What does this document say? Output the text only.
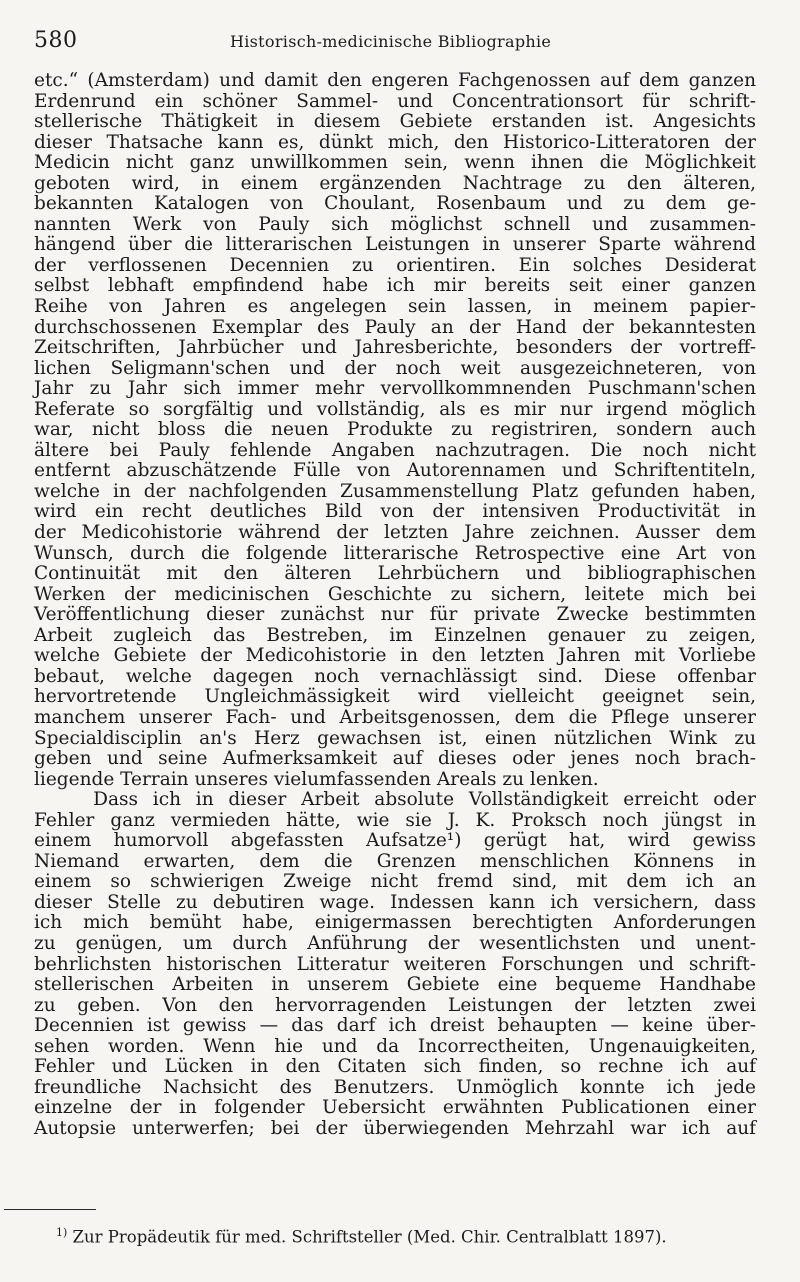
580	Historisch-medicinische Bibliographie
etc.“ (Amsterdam) und damit den engeren Fachgenossen auf dem ganzen
Erdenrund ein schöner Sammel- und Concentrationsort für schrift-
stellerische Thätigkeit in diesem Gebiete erstanden ist. Angesichts
dieser Thatsache kann es, dünkt mich, den Historico-Litteratoren der
Medicin nicht ganz unwillkommen sein, wenn ihnen die Möglichkeit
geboten wird, in einem ergänzenden Nachtrage zu den älteren,
bekannten Katalogen von Choulant, Rosenbaum und zu dem ge-
nannten Werk von Pauly sich möglichst schnell und zusammen-
hängend über die litterarischen Leistungen in unserer Sparte während
der verflossenen Decennien zu orientiren. Ein solches Desiderat
selbst lebhaft empfindend habe ich mir bereits seit einer ganzen
Reihe von Jahren es angelegen sein lassen, in meinem papier-
durchschossenen Exemplar des Pauly an der Hand der bekanntesten
Zeitschriften, Jahrbücher und Jahresberichte, besonders der vortreff-
lichen Seligmann'schen und der noch weit ausgezeichneteren, von
Jahr zu Jahr sich immer mehr vervollkommnenden Puschmann'schen
Referate so sorgfältig und vollständig, als es mir nur irgend möglich
war, nicht bloss die neuen Produkte zu registriren, sondern auch
ältere bei Pauly fehlende Angaben nachzutragen. Die noch nicht
entfernt abzuschätzende Fülle von Autorennamen und Schriftentiteln,
welche in der nachfolgenden Zusammenstellung Platz gefunden haben,
wird ein recht deutliches Bild von der intensiven Productivität in
der Medicohistorie während der letzten Jahre zeichnen. Ausser dem
Wunsch, durch die folgende litterarische Retrospective eine Art von
Continuität mit den älteren Lehrbüchern und bibliographischen
Werken der medicinischen Geschichte zu sichern, leitete mich bei
Veröffentlichung dieser zunächst nur für private Zwecke bestimmten
Arbeit zugleich das Bestreben, im Einzelnen genauer zu zeigen,
welche Gebiete der Medicohistorie in den letzten Jahren mit Vorliebe
bebaut, welche dagegen noch vernachlässigt sind. Diese offenbar
hervortretende Ungleichmässigkeit wird vielleicht geeignet sein,
manchem unserer Fach- und Arbeitsgenossen, dem die Pflege unserer
Specialdisciplin an's Herz gewachsen ist, einen nützlichen Wink zu
geben und seine Aufmerksamkeit auf dieses oder jenes noch brach-
liegende Terrain unseres vielumfassenden Areals zu lenken.
Dass ich in dieser Arbeit absolute Vollständigkeit erreicht oder
Fehler ganz vermieden hätte, wie sie J. K. Proksch noch jüngst in
einem humorvoll abgefassten Aufsatze¹) gerügt hat, wird gewiss
Niemand erwarten, dem die Grenzen menschlichen Könnens in
einem so schwierigen Zweige nicht fremd sind, mit dem ich an
dieser Stelle zu debutiren wage. Indessen kann ich versichern, dass
ich mich bemüht habe, einigermassen berechtigten Anforderungen
zu genügen, um durch Anführung der wesentlichsten und unent-
behrlichsten historischen Litteratur weiteren Forschungen und schrift-
stellerischen Arbeiten in unserem Gebiete eine bequeme Handhabe
zu geben. Von den hervorragenden Leistungen der letzten zwei
Decennien ist gewiss — das darf ich dreist behaupten — keine über-
sehen worden. Wenn hie und da Incorrectheiten, Ungenauigkeiten,
Fehler und Lücken in den Citaten sich finden, so rechne ich auf
freundliche Nachsicht des Benutzers. Unmöglich konnte ich jede
einzelne der in folgender Uebersicht erwähnten Publicationen einer
Autopsie unterwerfen; bei der überwiegenden Mehrzahl war ich auf
$^{1)}$ Zur Propädeutik für med. Schriftsteller (Med. Chir. Centralblatt 1897).
